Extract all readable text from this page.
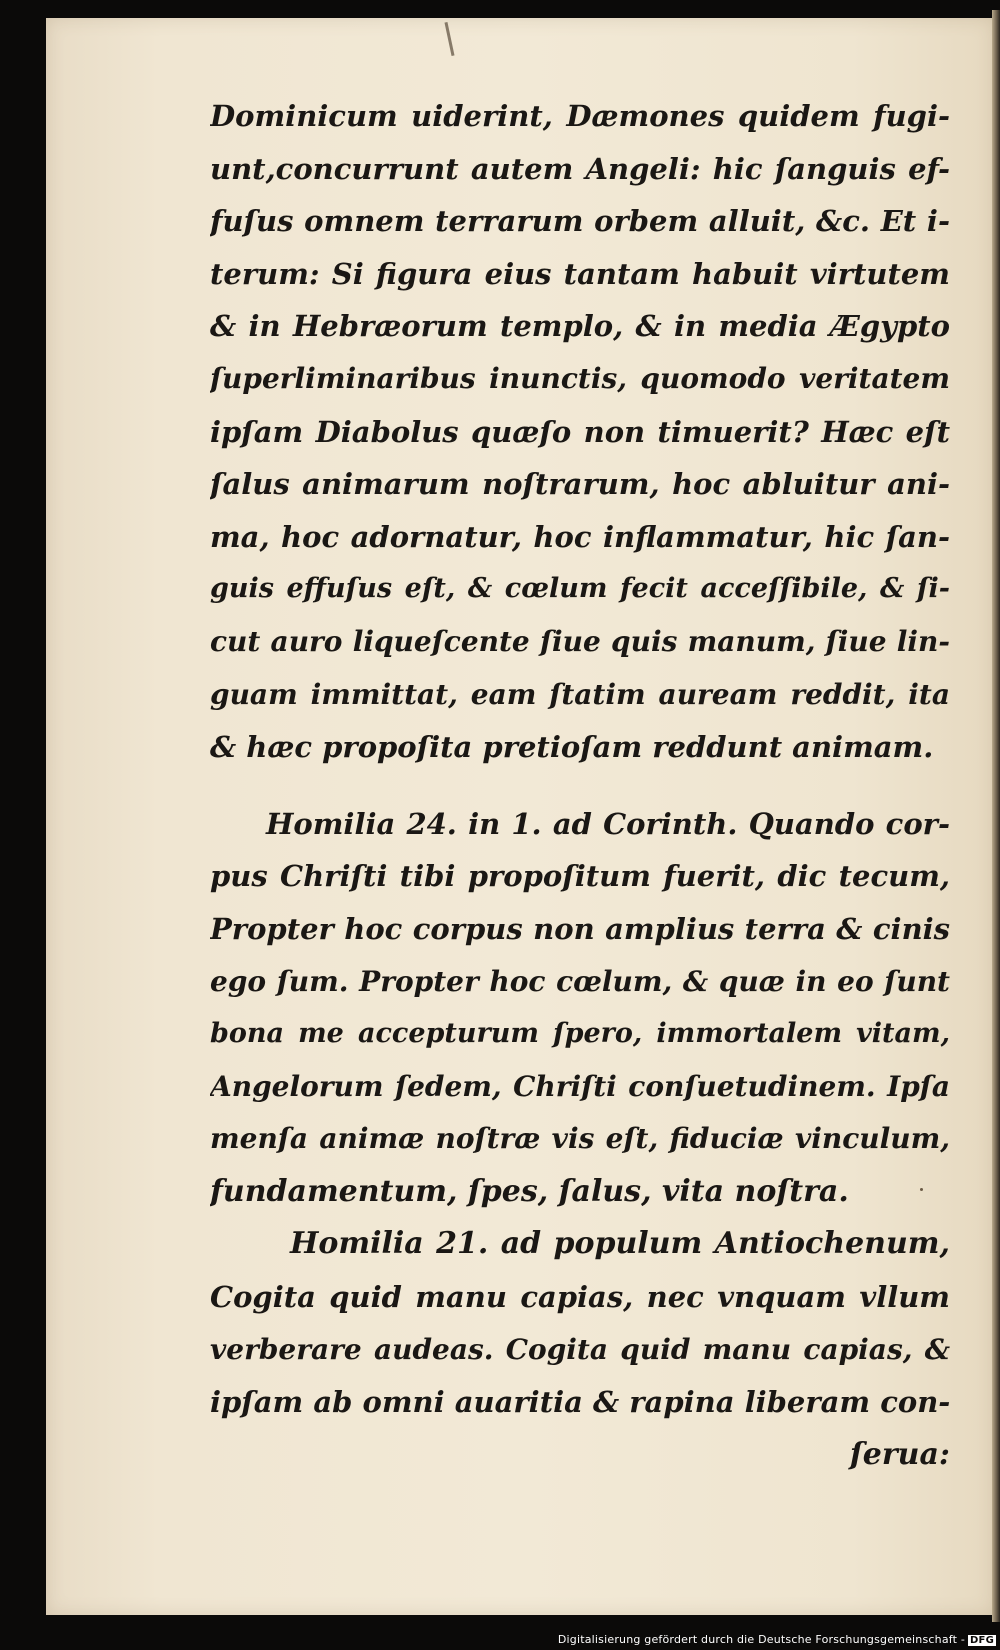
Dominicum uiderint, Dæmones quidem fugi-
unt,concurrunt autem Angeli: hic ſanguis ef-
fuſus omnem terrarum orbem alluit, &c. Et i-
terum: Si figura eius tantam habuit virtutem
& in Hebræorum templo, & in media Ægypto
ſuperliminaribus inunctis, quomodo veritatem
ipſam Diabolus quæſo non timuerit? Hæc eſt
ſalus animarum noſtrarum, hoc abluitur ani-
ma, hoc adornatur, hoc inflammatur, hic ſan-
guis effuſus eſt, & cœlum fecit acceſſibile, & ſi-
cut auro liqueſcente ſiue quis manum, ſiue lin-
guam immittat, eam ſtatim auream reddit, ita
& hæc propoſita pretioſam reddunt animam.
Homilia 24. in 1. ad Corinth. Quando cor-
pus Chriſti tibi propoſitum fuerit, dic tecum,
Propter hoc corpus non amplius terra & cinis
ego ſum. Propter hoc cœlum, & quæ in eo ſunt
bona me accepturum ſpero, immortalem vitam,
Angelorum ſedem, Chriſti conſuetudinem. Ipſa
menſa animæ noſtræ vis eſt, fiduciæ vinculum,
fundamentum, ſpes, ſalus, vita noſtra.
Homilia 21. ad populum Antiochenum,
Cogita quid manu capias, nec vnquam vllum
verberare audeas. Cogita quid manu capias, &
ipſam ab omni auaritia & rapina liberam con-
ſerua:
Digitalisierung gefördert durch die Deutsche Forschungsgemeinschaft - DFG
